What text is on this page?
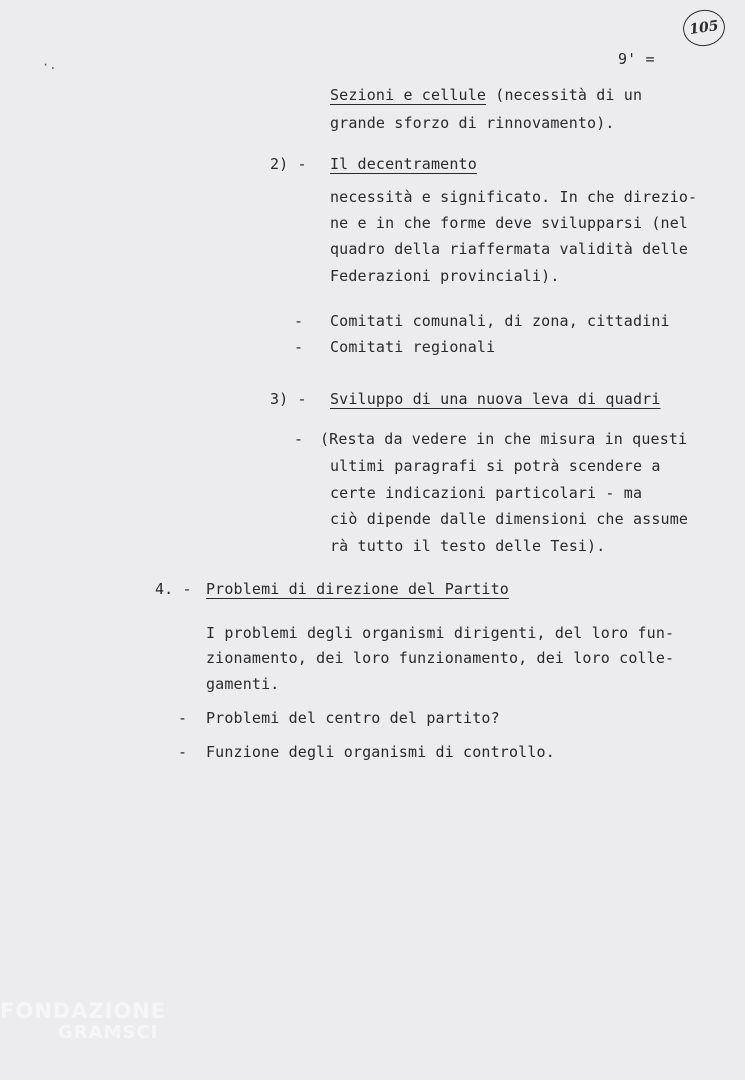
·.	9' =
105
Sezioni e cellule (necessità di un
grande sforzo di rinnovamento).
2) - Il decentramento
necessità e significato. In che direzio-
ne e in che forme deve svilupparsi (nel
quadro della riaffermata validità delle
Federazioni provinciali).
- Comitati comunali, di zona, cittadini
- Comitati regionali
3) - Sviluppo di una nuova leva di quadri
- (Resta da vedere in che misura in questi
ultimi paragrafi si potrà scendere a
certe indicazioni particolari - ma
ciò dipende dalle dimensioni che assume
rà tutto il testo delle Tesi).
4. - Problemi di direzione del Partito
I problemi degli organismi dirigenti, del loro fun-
zionamento, dei loro funzionamento, dei loro colle-
gamenti.
- Problemi del centro del partito?
- Funzione degli organismi di controllo.
FONDAZIONE
GRAMSCI
